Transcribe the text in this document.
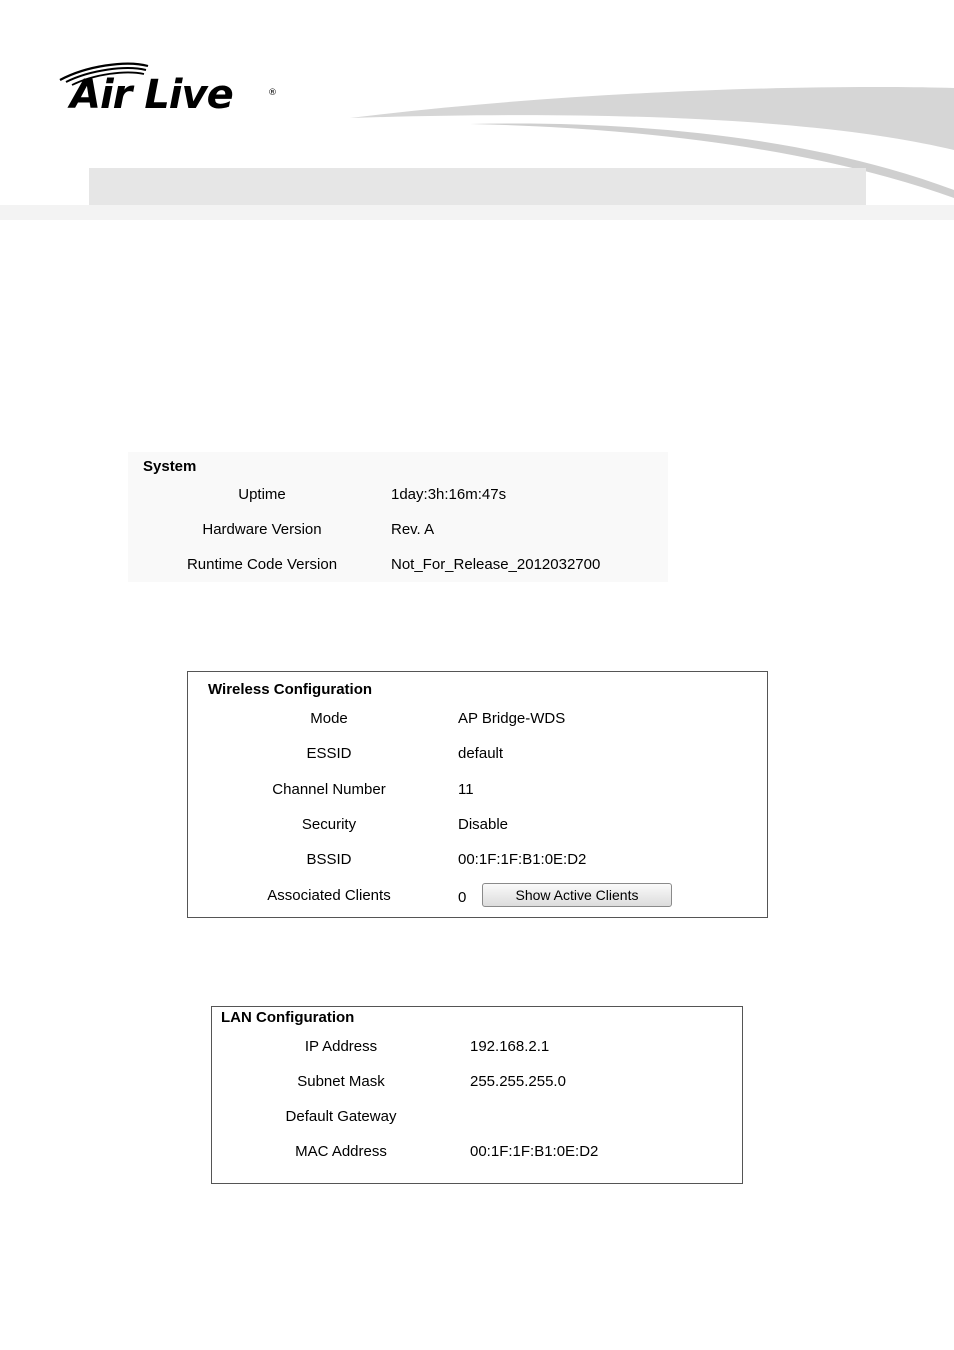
Air Live	®
System
Uptime	1day:3h:16m:47s
Hardware Version	Rev. A
Runtime Code Version	Not_For_Release_2012032700
Wireless Configuration
Mode	AP Bridge-WDS
ESSID	default
Channel Number	11
Security	Disable
BSSID	00:1F:1F:B1:0E:D2
Associated Clients	0	Show Active Clients
LAN Configuration
IP Address	192.168.2.1
Subnet Mask	255.255.255.0
Default Gateway
MAC Address	00:1F:1F:B1:0E:D2
